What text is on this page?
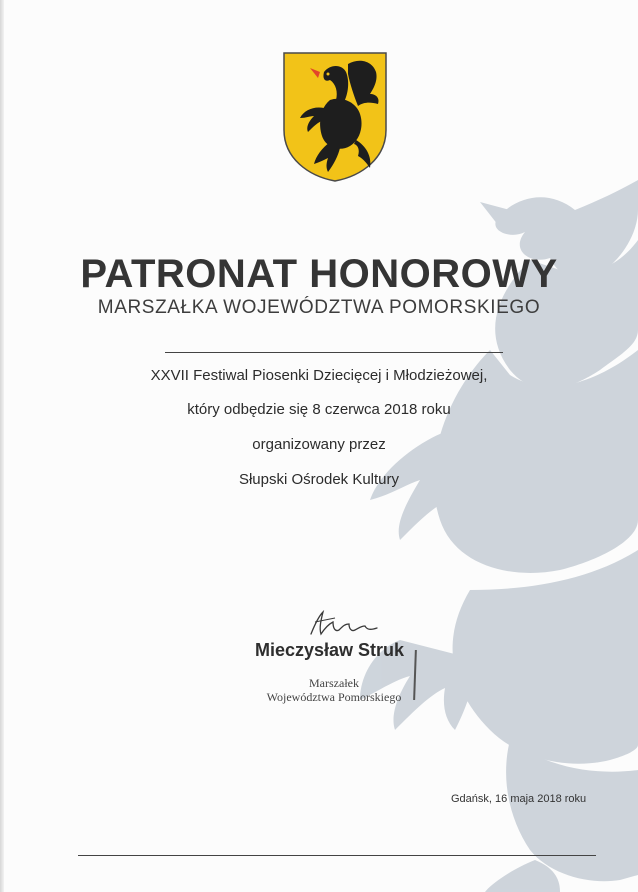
PATRONAT HONOROWY
MARSZAŁKA WOJEWÓDZTWA POMORSKIEGO
XXVII Festiwal Piosenki Dziecięcej i Młodzieżowej,
który odbędzie się 8 czerwca 2018 roku
organizowany przez
Słupski Ośrodek Kultury
Mieczysław Struk
Marszałek
Województwa Pomorskiego
Gdańsk, 16 maja 2018 roku
